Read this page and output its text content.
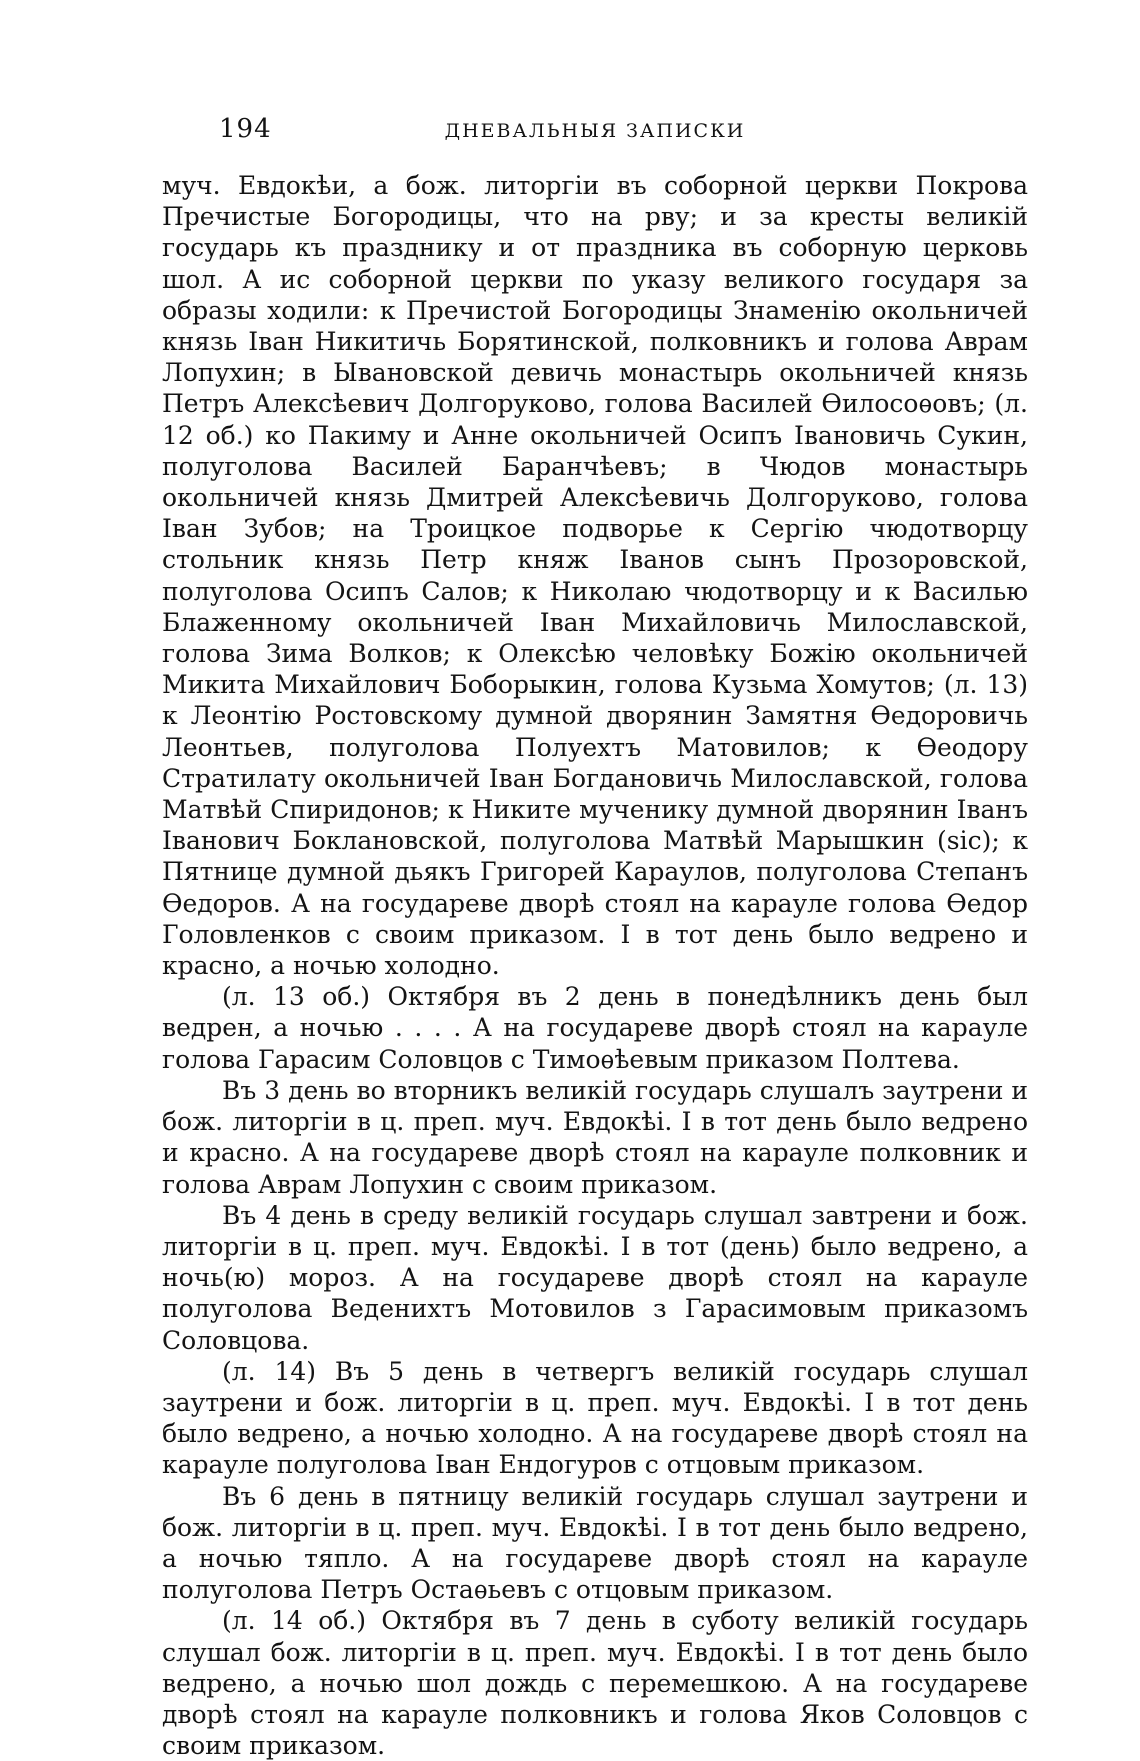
194	ДНЕВАЛЬНЫЯ ЗАПИСКИ

муч. Евдокѣи, а бож. литоргiи въ соборной церкви Покрова Пречистые Богородицы, что на рву; и за кресты великiй государь къ празднику и от праздника въ соборную церковь шол. А ис соборной церкви по указу великого государя за образы ходили: к Пречистой Богородицы Знаменiю окольничей князь Iван Никитичь Борятинской, полковникъ и голова Аврам Лопухин; в Ывановской девичь монастырь окольничей князь Петръ Алексѣевич Долгоруково, голова Василей Ѳилосоѳовъ; (л. 12 об.) ко Пакиму и Анне окольничей Осипъ Iвановичь Сукин, полуголова Василей Баранчѣевъ; в Чюдов монастырь окольничей князь Дмитрей Алексѣевичь Долгоруково, голова Iван Зубов; на Троицкое подворье к Сергiю чюдотворцу стольник князь Петр княж Iванов сынъ Прозоровской, полуголова Осипъ Салов; к Николаю чюдотворцу и к Василью Блаженному окольничей Iван Михайловичь Милославской, голова Зима Волков; к Олексѣю человѣку Божiю окольничей Микита Михайлович Боборыкин, голова Кузьма Хомутов; (л. 13) к Леонтiю Ростовскому думной дворянин Замятня Ѳедоровичь Леонтьев, полуголова Полуехтъ Матовилов; к Ѳеодору Стратилату окольничей Iван Богдановичь Милославской, голова Матвѣй Спиридонов; к Никите мученику думной дворянин Iванъ Iванович Боклановской, полуголова Матвѣй Марышкин (sic); к Пятнице думной дьякъ Григорей Караулов, полуголова Степанъ Ѳедоров. А на государеве дворѣ стоял на карауле голова Ѳедор Головленков с своим приказом. I в тот день было ведрено и красно, а ночью холодно.

(л. 13 об.) Октября въ 2 день в понедѣлникъ день был ведрен, а ночью . . . . А на государеве дворѣ стоял на карауле голова Гарасим Соловцов с Тимоѳѣевым приказом Полтева.

Въ 3 день во вторникъ великiй государь слушалъ заутрени и бож. литоргiи в ц. преп. муч. Евдокѣi. I в тот день было ведрено и красно. А на государеве дворѣ стоял на карауле полковник и голова Аврам Лопухин с своим приказом.

Въ 4 день в среду великiй государь слушал завтрени и бож. литоргiи в ц. преп. муч. Евдокѣi. I в тот (день) было ведрено, а ночь(ю) мороз. А на государеве дворѣ стоял на карауле полуголова Веденихтъ Мотовилов з Гарасимовым приказомъ Соловцова.

(л. 14) Въ 5 день в четвергъ великiй государь слушал заутрени и бож. литоргiи в ц. преп. муч. Евдокѣi. I в тот день было ведрено, а ночью холодно. А на государеве дворѣ стоял на карауле полуголова Iван Ендогуров с отцовым приказом.

Въ 6 день в пятницу великiй государь слушал заутрени и бож. литоргiи в ц. преп. муч. Евдокѣi. I в тот день было ведрено, а ночью тяпло. А на государеве дворѣ стоял на карауле полуголова Петръ Остаѳьевъ с отцовым приказом.

(л. 14 об.) Октября въ 7 день в суботу великiй государь слушал бож. литоргiи в ц. преп. муч. Евдокѣi. I в тот день было ведрено, а ночью шол дождь с перемешкою. А на государеве дворѣ стоял на карауле полковникъ и голова Яков Соловцов с своим приказом.
